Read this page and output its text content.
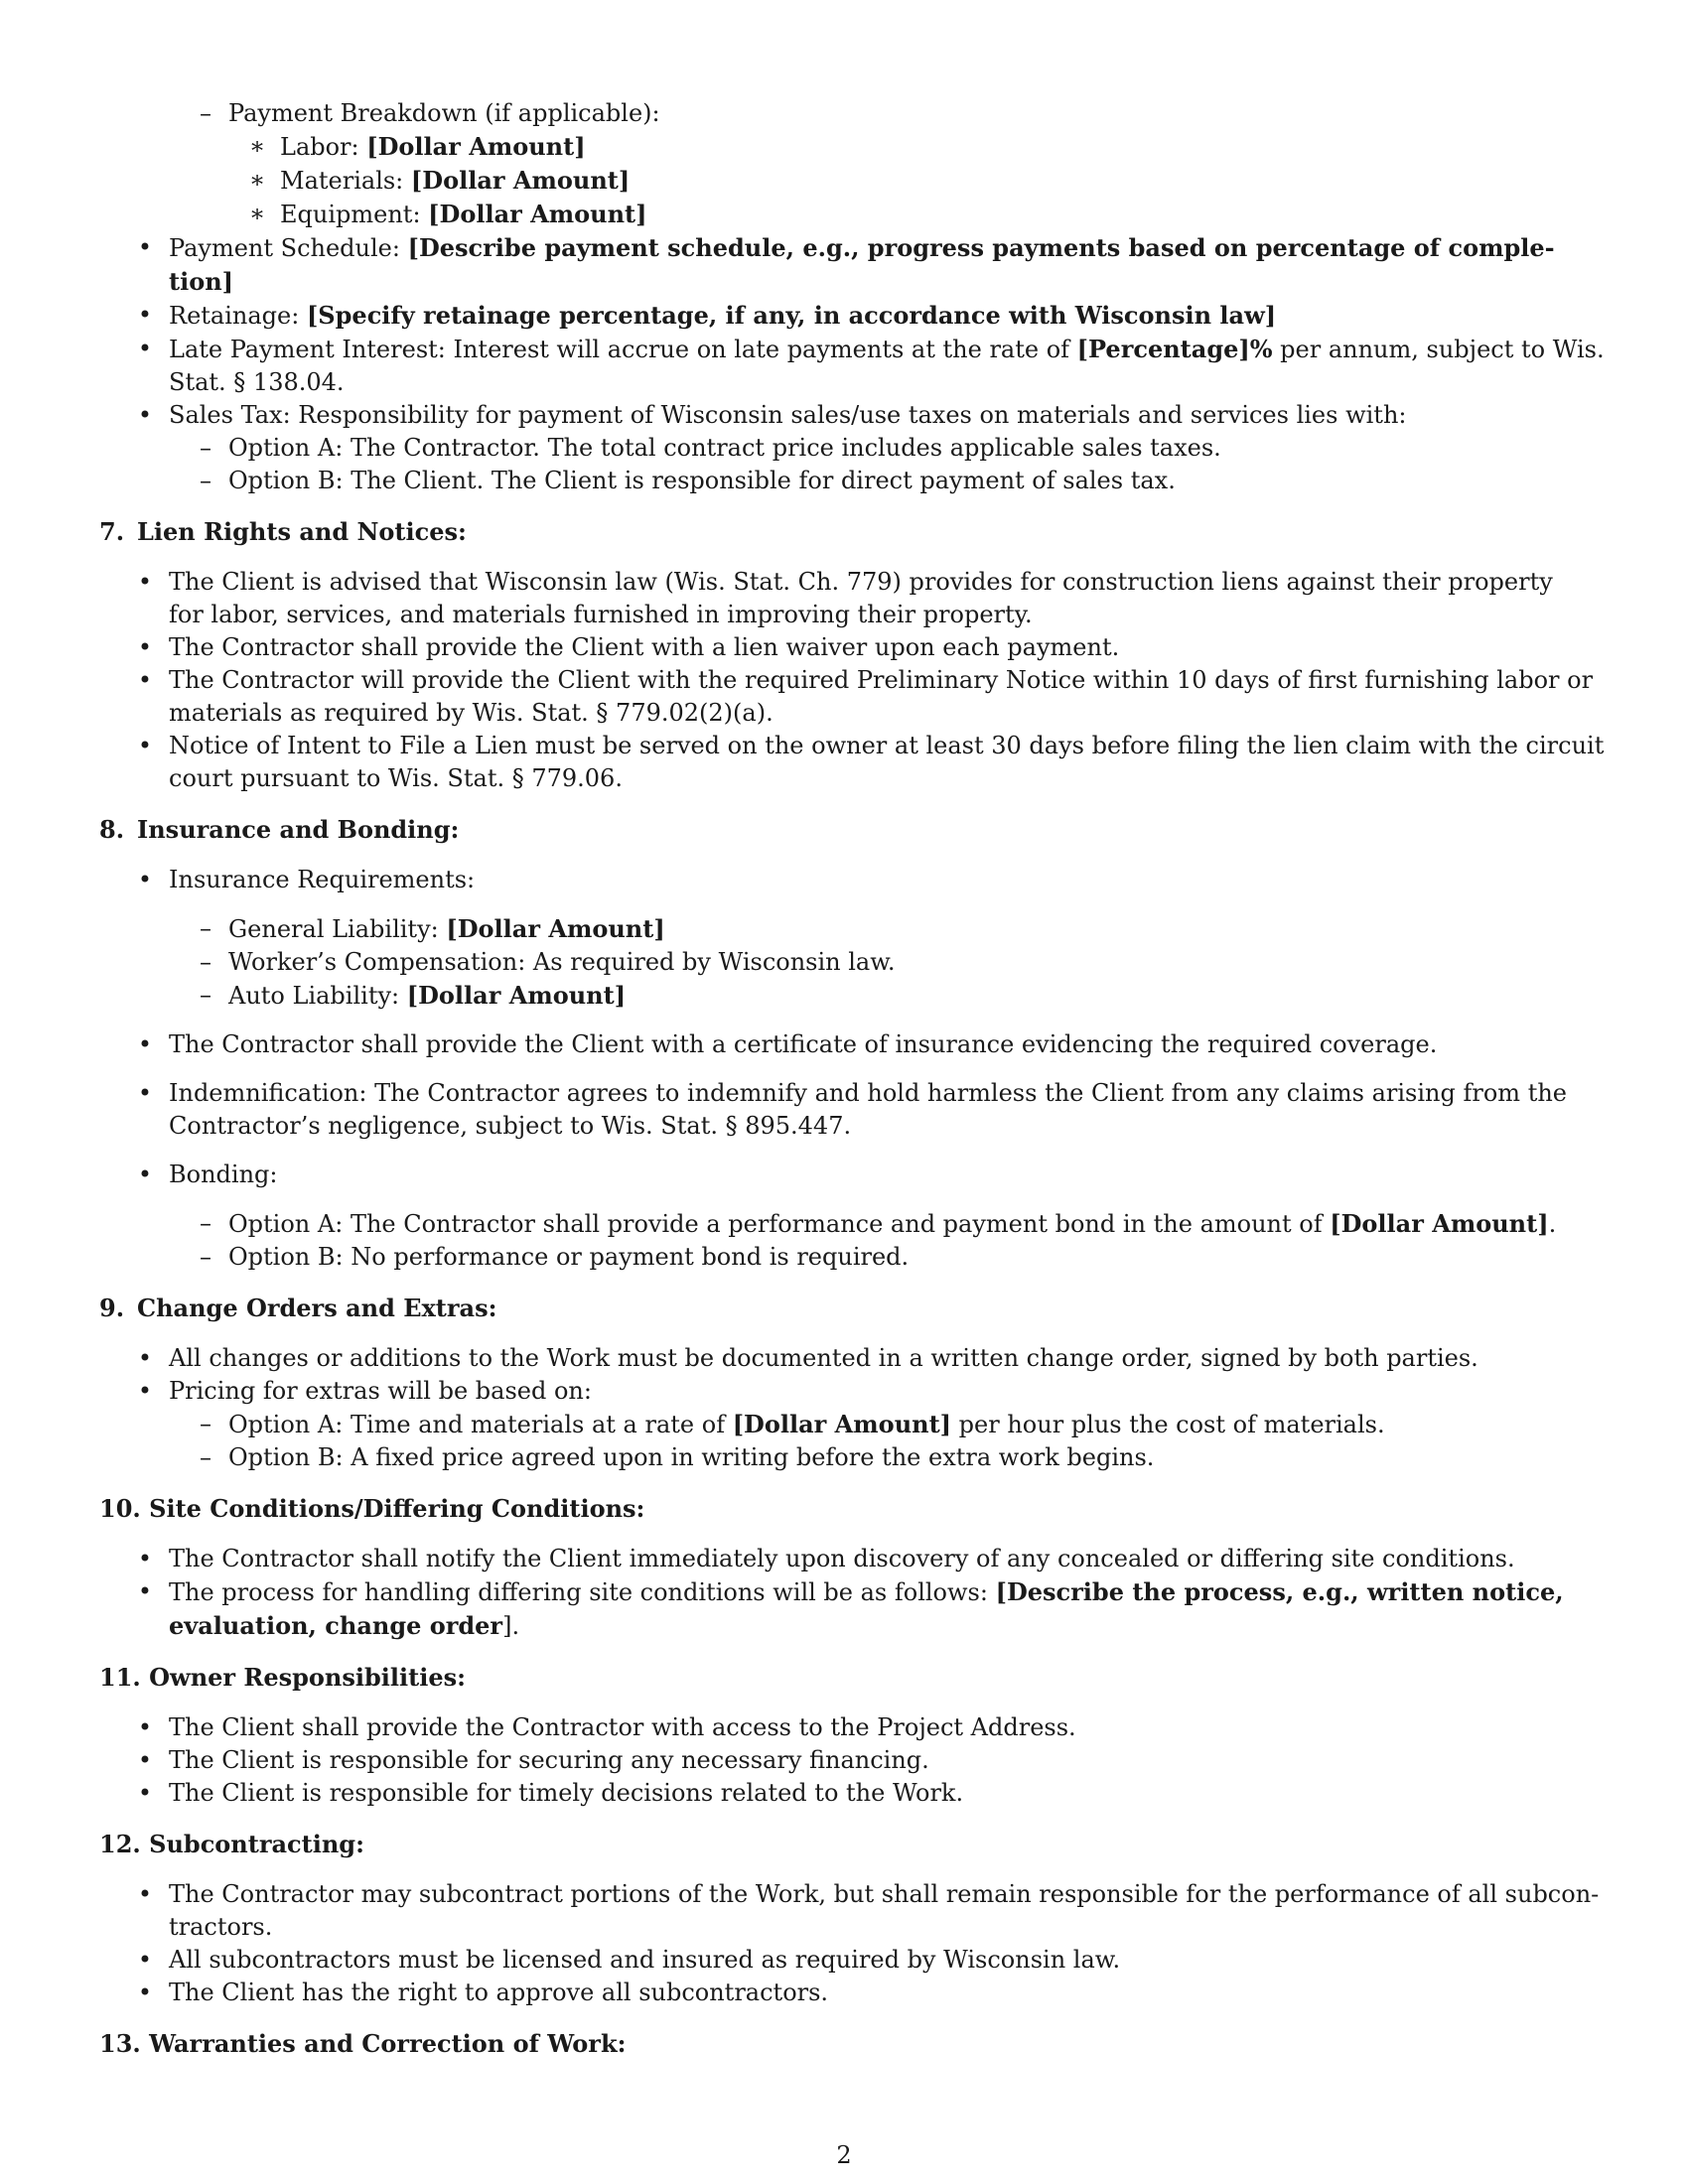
– Payment Breakdown (if applicable):
∗ Labor: [Dollar Amount]
∗ Materials: [Dollar Amount]
∗ Equipment: [Dollar Amount]
• Payment Schedule: [Describe payment schedule, e.g., progress payments based on percentage of comple-
tion]
• Retainage: [Specify retainage percentage, if any, in accordance with Wisconsin law]
• Late Payment Interest: Interest will accrue on late payments at the rate of [Percentage]% per annum, subject to Wis.
Stat. § 138.04.
• Sales Tax: Responsibility for payment of Wisconsin sales/use taxes on materials and services lies with:
– Option A: The Contractor. The total contract price includes applicable sales taxes.
– Option B: The Client. The Client is responsible for direct payment of sales tax.
7. Lien Rights and Notices:
• The Client is advised that Wisconsin law (Wis. Stat. Ch. 779) provides for construction liens against their property
for labor, services, and materials furnished in improving their property.
• The Contractor shall provide the Client with a lien waiver upon each payment.
• The Contractor will provide the Client with the required Preliminary Notice within 10 days of first furnishing labor or
materials as required by Wis. Stat. § 779.02(2)(a).
• Notice of Intent to File a Lien must be served on the owner at least 30 days before filing the lien claim with the circuit
court pursuant to Wis. Stat. § 779.06.
8. Insurance and Bonding:
• Insurance Requirements:
– General Liability: [Dollar Amount]
– Worker’s Compensation: As required by Wisconsin law.
– Auto Liability: [Dollar Amount]
• The Contractor shall provide the Client with a certificate of insurance evidencing the required coverage.
• Indemnification: The Contractor agrees to indemnify and hold harmless the Client from any claims arising from the
Contractor’s negligence, subject to Wis. Stat. § 895.447.
• Bonding:
– Option A: The Contractor shall provide a performance and payment bond in the amount of [Dollar Amount].
– Option B: No performance or payment bond is required.
9. Change Orders and Extras:
• All changes or additions to the Work must be documented in a written change order, signed by both parties.
• Pricing for extras will be based on:
– Option A: Time and materials at a rate of [Dollar Amount] per hour plus the cost of materials.
– Option B: A fixed price agreed upon in writing before the extra work begins.
10. Site Conditions/Differing Conditions:
• The Contractor shall notify the Client immediately upon discovery of any concealed or differing site conditions.
• The process for handling differing site conditions will be as follows: [Describe the process, e.g., written notice,
evaluation, change order].
11. Owner Responsibilities:
• The Client shall provide the Contractor with access to the Project Address.
• The Client is responsible for securing any necessary financing.
• The Client is responsible for timely decisions related to the Work.
12. Subcontracting:
• The Contractor may subcontract portions of the Work, but shall remain responsible for the performance of all subcon-
tractors.
• All subcontractors must be licensed and insured as required by Wisconsin law.
• The Client has the right to approve all subcontractors.
13. Warranties and Correction of Work:
2
